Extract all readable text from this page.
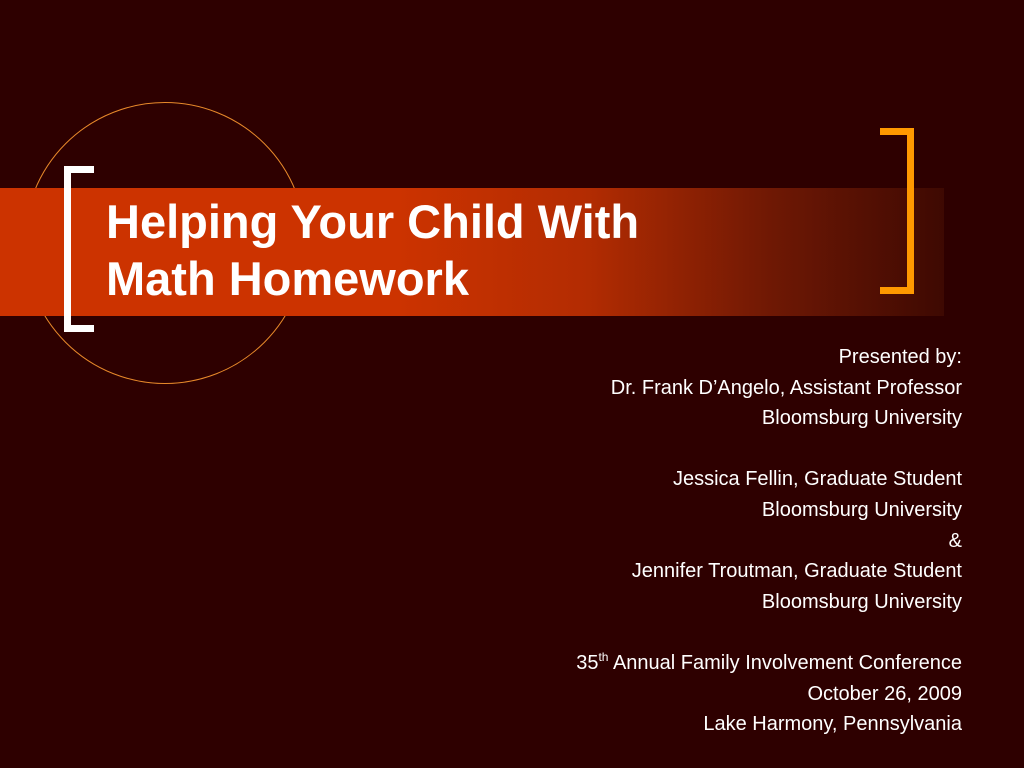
Helping Your Child With
Math Homework
Presented by:
Dr. Frank D’Angelo, Assistant Professor
Bloomsburg University
Jessica Fellin, Graduate Student
Bloomsburg University
&
Jennifer Troutman, Graduate Student
Bloomsburg University
35th Annual Family Involvement Conference
October 26, 2009
Lake Harmony, Pennsylvania
